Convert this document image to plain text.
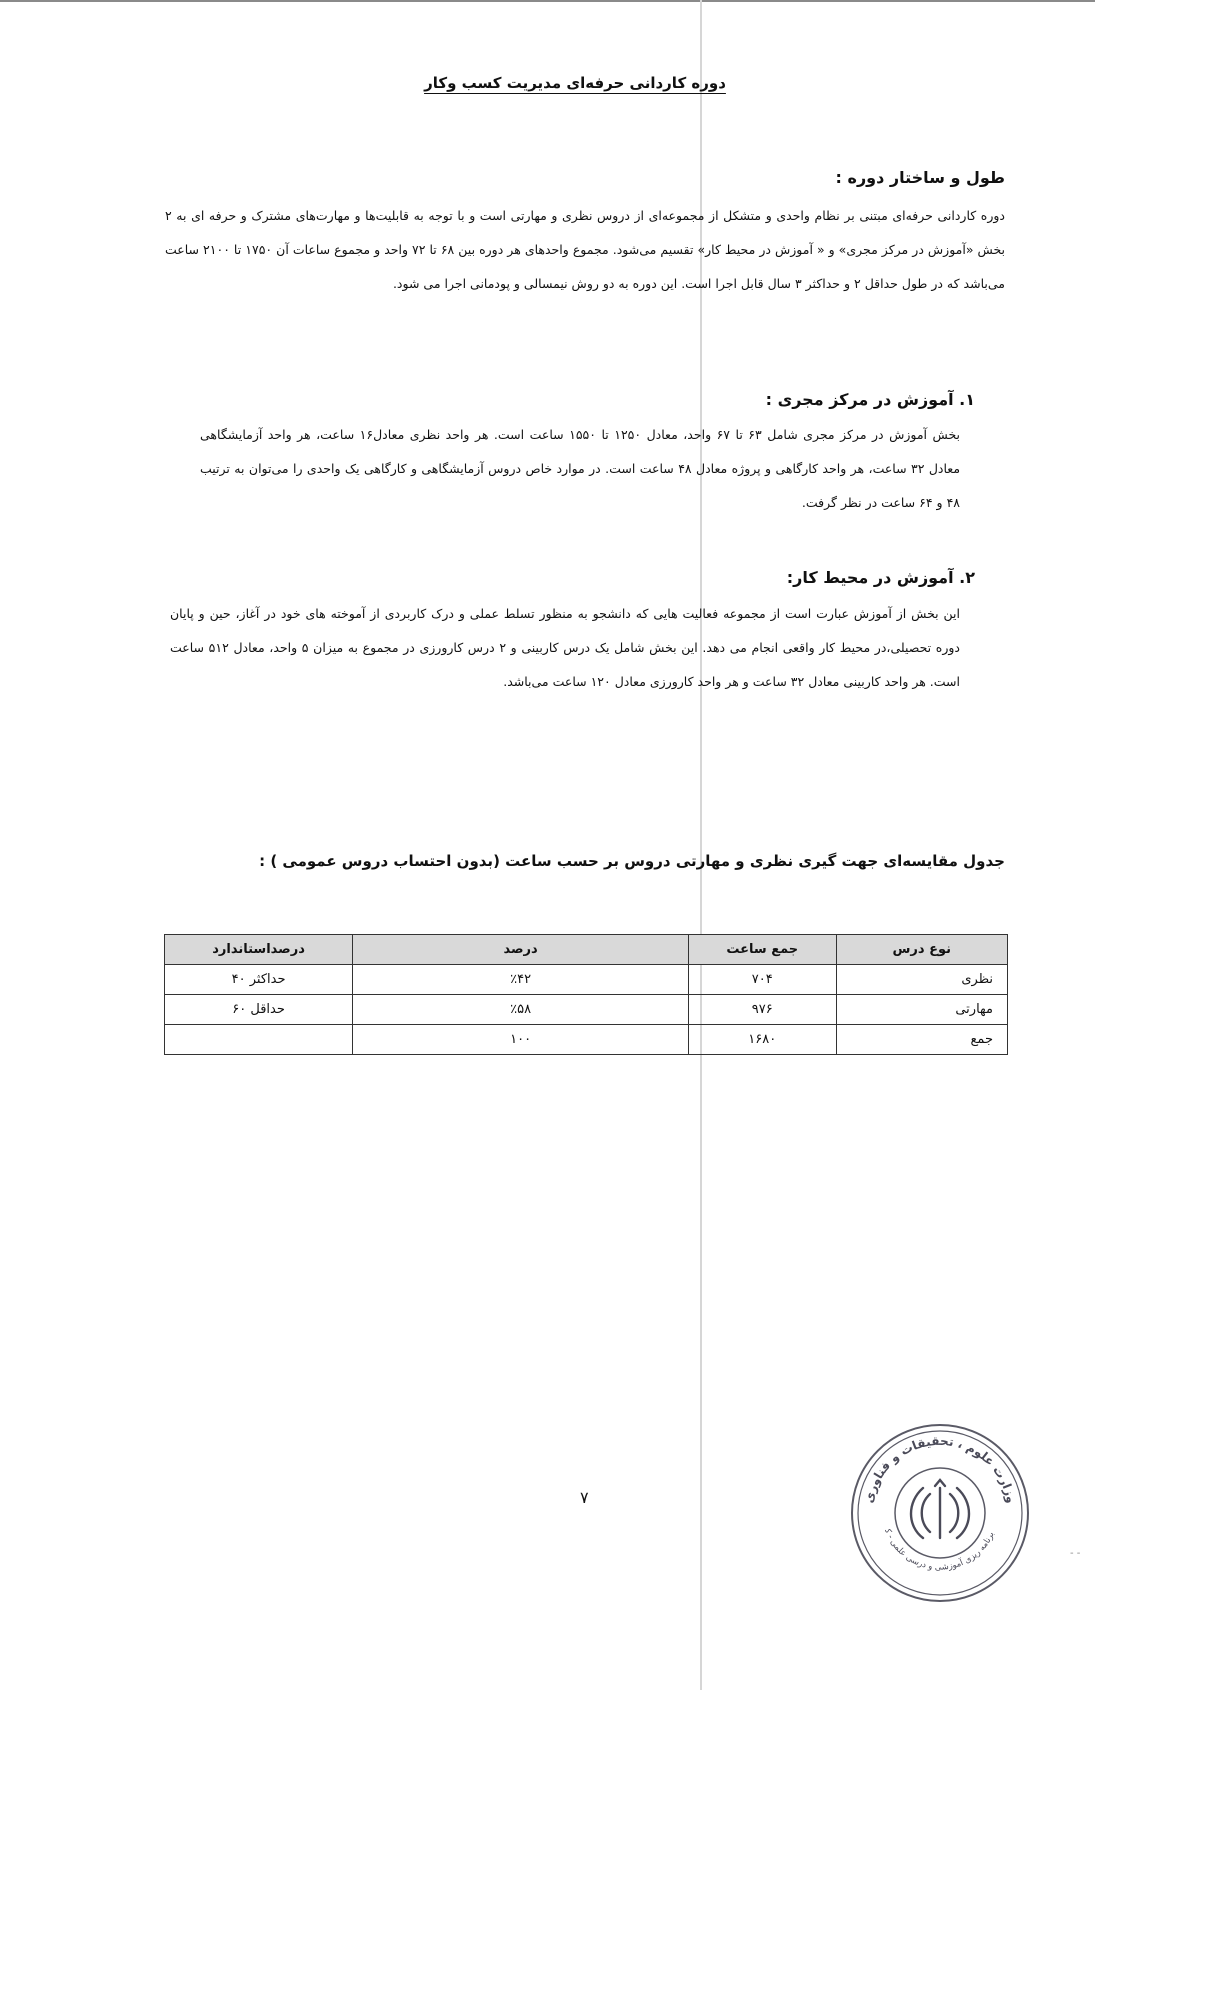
- -
دوره کاردانی حرفه‌ای مدیریت کسب وکار
طول و ساختار دوره :

دوره کاردانی حرفه‌ای مبتنی بر نظام واحدی و متشکل از مجموعه‌ای از دروس نظری و مهارتی است و با توجه به قابلیت‌ها و مهارت‌های مشترک و حرفه ای به ۲ بخش «آموزش در مرکز مجری» و « آموزش در محیط کار» تقسیم می‌شود. مجموع واحدهای هر دوره بین ۶۸ تا ۷۲ واحد و مجموع ساعات آن ۱۷۵۰ تا ۲۱۰۰ ساعت می‌باشد که در طول حداقل ۲ و حداکثر ۳ سال قابل اجرا است. این دوره به دو روش نیمسالی و پودمانی اجرا می شود.

۱. آموزش در مرکز مجری :

بخش آموزش در مرکز مجری شامل ۶۳ تا ۶۷ واحد، معادل ۱۲۵۰ تا ۱۵۵۰ ساعت است. هر واحد نظری معادل۱۶ ساعت، هر واحد آزمایشگاهی معادل ۳۲ ساعت، هر واحد کارگاهی و پروژه معادل ۴۸ ساعت است. در موارد خاص دروس آزمایشگاهی و کارگاهی یک واحدی را می‌توان به ترتیب ۴۸ و ۶۴ ساعت در نظر گرفت.

۲. آموزش در محیط کار:

این بخش از آموزش عبارت است از مجموعه فعالیت هایی که دانشجو به منظور تسلط عملی و درک کاربردی از آموخته های خود در آغاز، حین و پایان دوره تحصیلی،در محیط کار واقعی انجام می دهد. این بخش شامل یک درس کاربینی و ۲ درس کارورزی در مجموع به میزان ۵ واحد، معادل ۵۱۲ ساعت است. هر واحد کاربینی معادل ۳۲ ساعت و هر واحد کارورزی معادل ۱۲۰ ساعت می‌باشد.

جدول مقایسه‌ای جهت گیری نظری و مهارتی دروس بر حسب ساعت (بدون احتساب دروس عمومی ) :

نوع درس	جمع ساعت	درصد	درصداستاندارد
نظری	۷۰۴	٪۴۲	حداکثر ۴۰
مهارتی	۹۷۶	٪۵۸	حداقل ۶۰
جمع	۱۶۸۰	۱۰۰	

۷	وزارت علوم ، تحقیقات و فناوری
برنامه ریزی آموزشی و درسی علمی - ک
